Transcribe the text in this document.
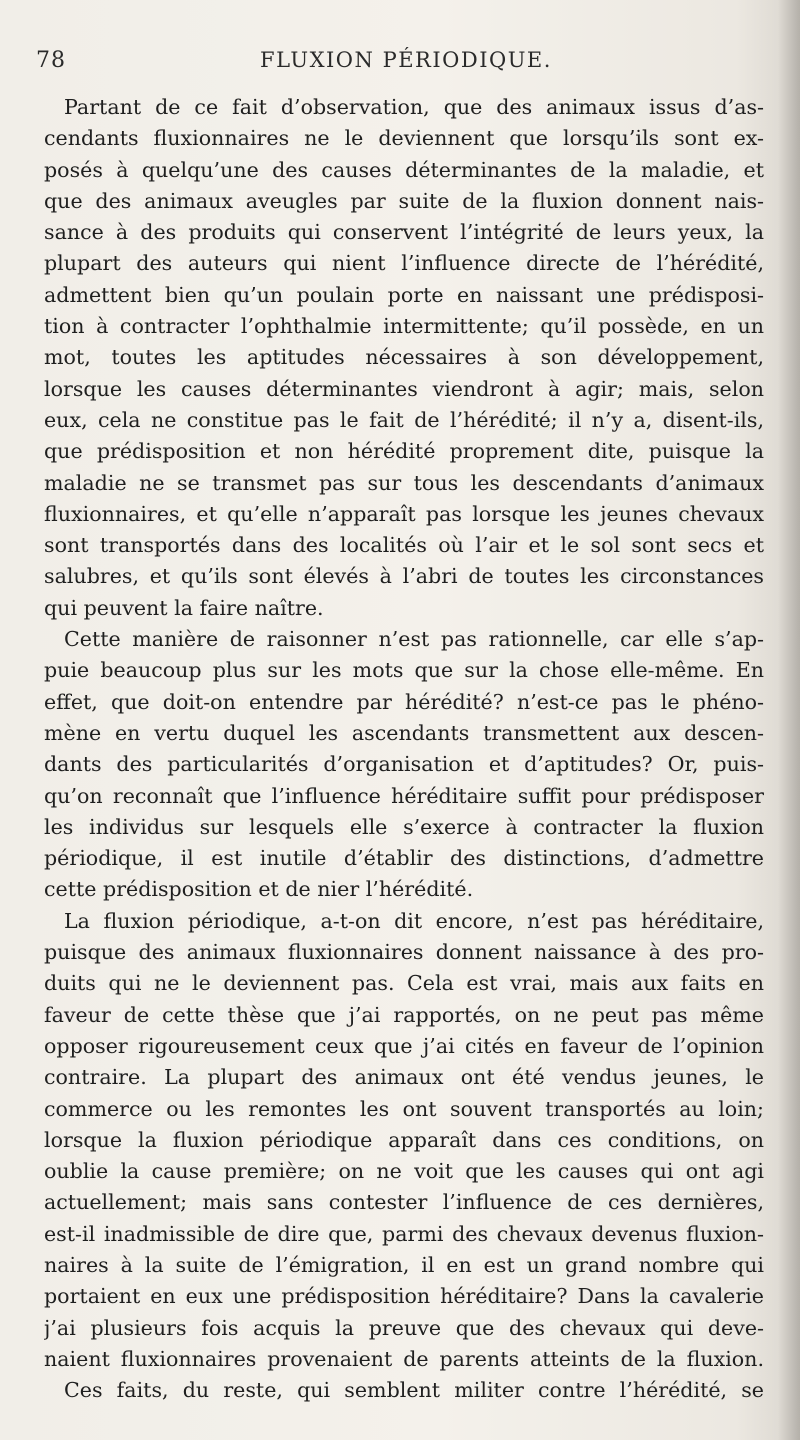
78	FLUXION PÉRIODIQUE.
Partant de ce fait d’observation, que des animaux issus d’as-
cendants fluxionnaires ne le deviennent que lorsqu’ils sont ex-
posés à quelqu’une des causes déterminantes de la maladie, et
que des animaux aveugles par suite de la fluxion donnent nais-
sance à des produits qui conservent l’intégrité de leurs yeux, la
plupart des auteurs qui nient l’influence directe de l’hérédité,
admettent bien qu’un poulain porte en naissant une prédisposi-
tion à contracter l’ophthalmie intermittente; qu’il possède, en un
mot, toutes les aptitudes nécessaires à son développement,
lorsque les causes déterminantes viendront à agir; mais, selon
eux, cela ne constitue pas le fait de l’hérédité; il n’y a, disent-ils,
que prédisposition et non hérédité proprement dite, puisque la
maladie ne se transmet pas sur tous les descendants d’animaux
fluxionnaires, et qu’elle n’apparaît pas lorsque les jeunes chevaux
sont transportés dans des localités où l’air et le sol sont secs et
salubres, et qu’ils sont élevés à l’abri de toutes les circonstances
qui peuvent la faire naître.
Cette manière de raisonner n’est pas rationnelle, car elle s’ap-
puie beaucoup plus sur les mots que sur la chose elle-même. En
effet, que doit-on entendre par hérédité? n’est-ce pas le phéno-
mène en vertu duquel les ascendants transmettent aux descen-
dants des particularités d’organisation et d’aptitudes? Or, puis-
qu’on reconnaît que l’influence héréditaire suffit pour prédisposer
les individus sur lesquels elle s’exerce à contracter la fluxion
périodique, il est inutile d’établir des distinctions, d’admettre
cette prédisposition et de nier l’hérédité.
La fluxion périodique, a-t-on dit encore, n’est pas héréditaire,
puisque des animaux fluxionnaires donnent naissance à des pro-
duits qui ne le deviennent pas. Cela est vrai, mais aux faits en
faveur de cette thèse que j’ai rapportés, on ne peut pas même
opposer rigoureusement ceux que j’ai cités en faveur de l’opinion
contraire. La plupart des animaux ont été vendus jeunes, le
commerce ou les remontes les ont souvent transportés au loin;
lorsque la fluxion périodique apparaît dans ces conditions, on
oublie la cause première; on ne voit que les causes qui ont agi
actuellement; mais sans contester l’influence de ces dernières,
est-il inadmissible de dire que, parmi des chevaux devenus fluxion-
naires à la suite de l’émigration, il en est un grand nombre qui
portaient en eux une prédisposition héréditaire? Dans la cavalerie
j’ai plusieurs fois acquis la preuve que des chevaux qui deve-
naient fluxionnaires provenaient de parents atteints de la fluxion.
Ces faits, du reste, qui semblent militer contre l’hérédité, se
